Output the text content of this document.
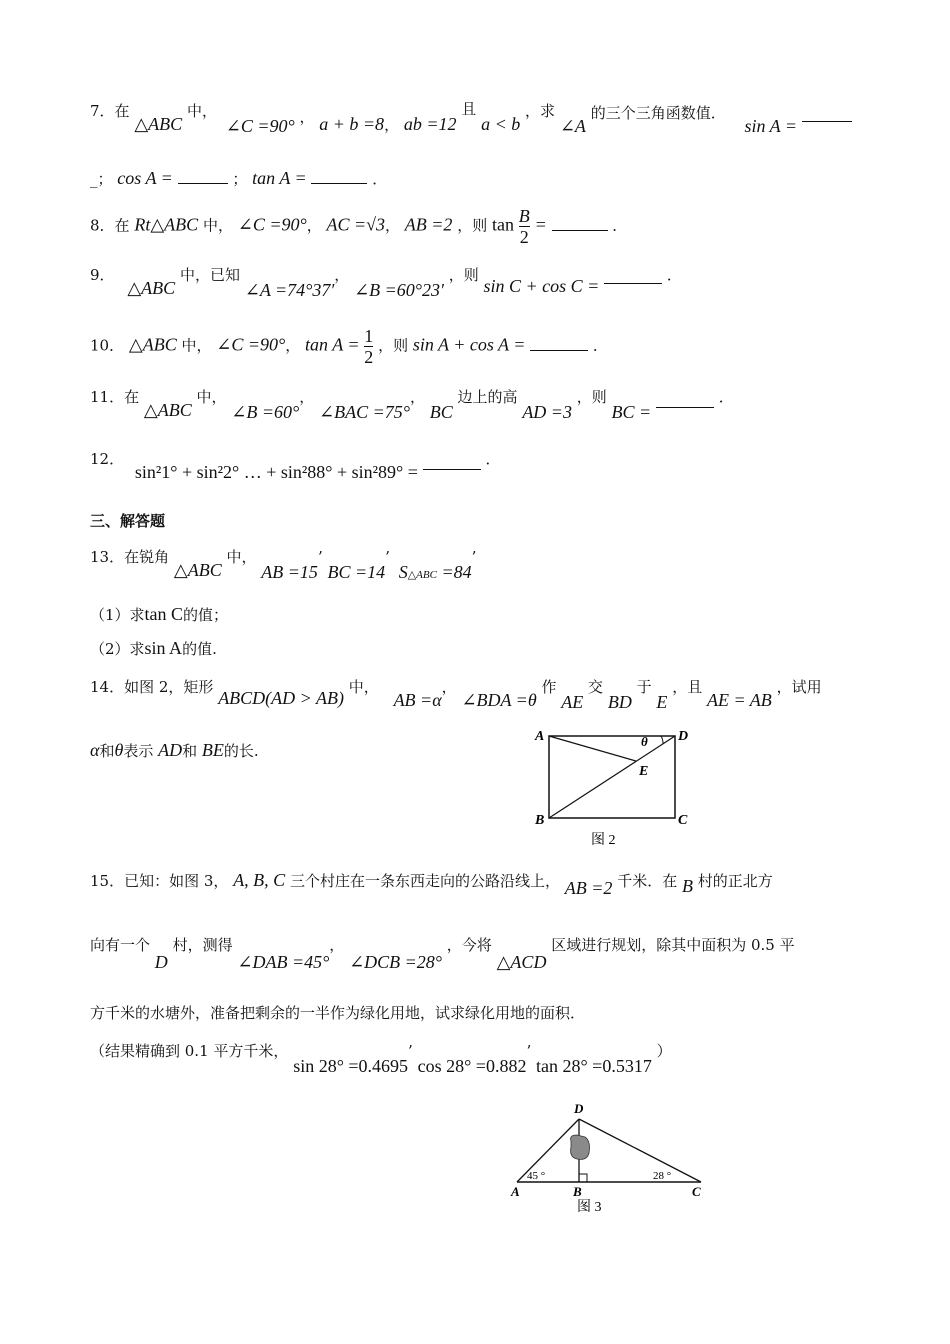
7．在 △ABC 中， ∠C =90° ， a + b =8， ab =12 且 a < b ，求 ∠A 的三个三角函数值． sin A =
_； cos A =	； tan A =	．
8．在 Rt△ABC 中， ∠C =90°， AC =√3， AB =2 ，则 $\tan \frac{B}{2}$ =	．
9． △ABC 中，已知 ∠A =74°37′， ∠B =60°23′ ，则 sin C + cos C =  ．
10． △ABC 中， ∠C =90°， $\tan A = \frac{1}{2}$ ，则 sin A + cos A =	．
11．在 △ABC 中， ∠B =60°， ∠BAC =75°， BC 边上的高 AD =3 ，则 BC =  ．
12． sin²1° + sin²2° … + sin²88° + sin²89° =  ．
三、解答题
13．在锐角 △ABC 中， AB =15’ BC =14’ S△ABC =84’
（1）求tan C的值；
（2）求sin A的值.
14．如图 2，矩形 ABCD(AD > AB) 中， AB =α， ∠BDA =θ 作 AE 交 BD 于 E ，且 AE = AB ，试用
α和θ表示 AD和 BE的长.
A
B	C
D
E
θ
图 2
15．已知：如图 3， A, B, C 三个村庄在一条东西走向的公路沿线上， AB =2 千米．在 B 村的正北方
向有一个 D 村，测得 ∠DAB =45°， ∠DCB =28° ，今将 △ACD 区域进行规划，除其中面积为 0.5 平
方千米的水塘外，准备把剩余的一半作为绿化用地，试求绿化用地的面积．
（结果精确到 0.1 平方千米， sin 28° =0.4695’ cos 28° =0.882’ tan 28° =0.5317 ）
D
A	B	C
45 °	28 °
图 3
